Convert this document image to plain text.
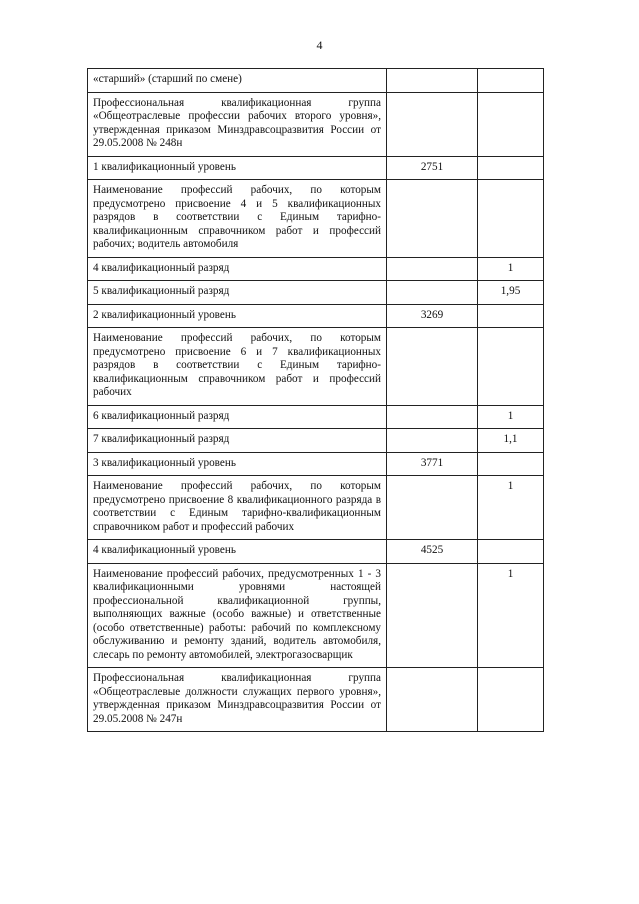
4
«старший» (старший по смене)		
Профессиональная квалификационная группа «Общеотраслевые профессии рабочих второго уровня», утвержденная приказом Минздравсоцразвития России от 29.05.2008 № 248н		
1 квалификационный уровень	2751	
Наименование профессий рабочих, по которым предусмотрено присвоение 4 и 5 квалификационных разрядов в соответствии с Единым тарифно-квалификационным справочником работ и профессий рабочих; водитель автомобиля		
4 квалификационный разряд		1
5 квалификационный разряд		1,95
2 квалификационный уровень	3269	
Наименование профессий рабочих, по которым предусмотрено присвоение 6 и 7 квалификационных разрядов в соответствии с Единым тарифно-квалификационным справочником работ и профессий рабочих		
6 квалификационный разряд		1
7 квалификационный разряд		1,1
3 квалификационный уровень	3771	
Наименование профессий рабочих, по которым предусмотрено присвоение 8 квалификационного разряда в соответствии с Единым тарифно-квалификационным справочником работ и профессий рабочих		1
4 квалификационный уровень	4525	
Наименование профессий рабочих, предусмотренных 1 - 3 квалификационными уровнями настоящей профессиональной квалификационной группы, выполняющих важные (особо важные) и ответственные (особо ответственные) работы: рабочий по комплексному обслуживанию и ремонту зданий, водитель автомобиля, слесарь по ремонту автомобилей, электрогазосварщик		1
Профессиональная квалификационная группа «Общеотраслевые должности служащих первого уровня», утвержденная приказом Минздравсоцразвития России от 29.05.2008 № 247н		
